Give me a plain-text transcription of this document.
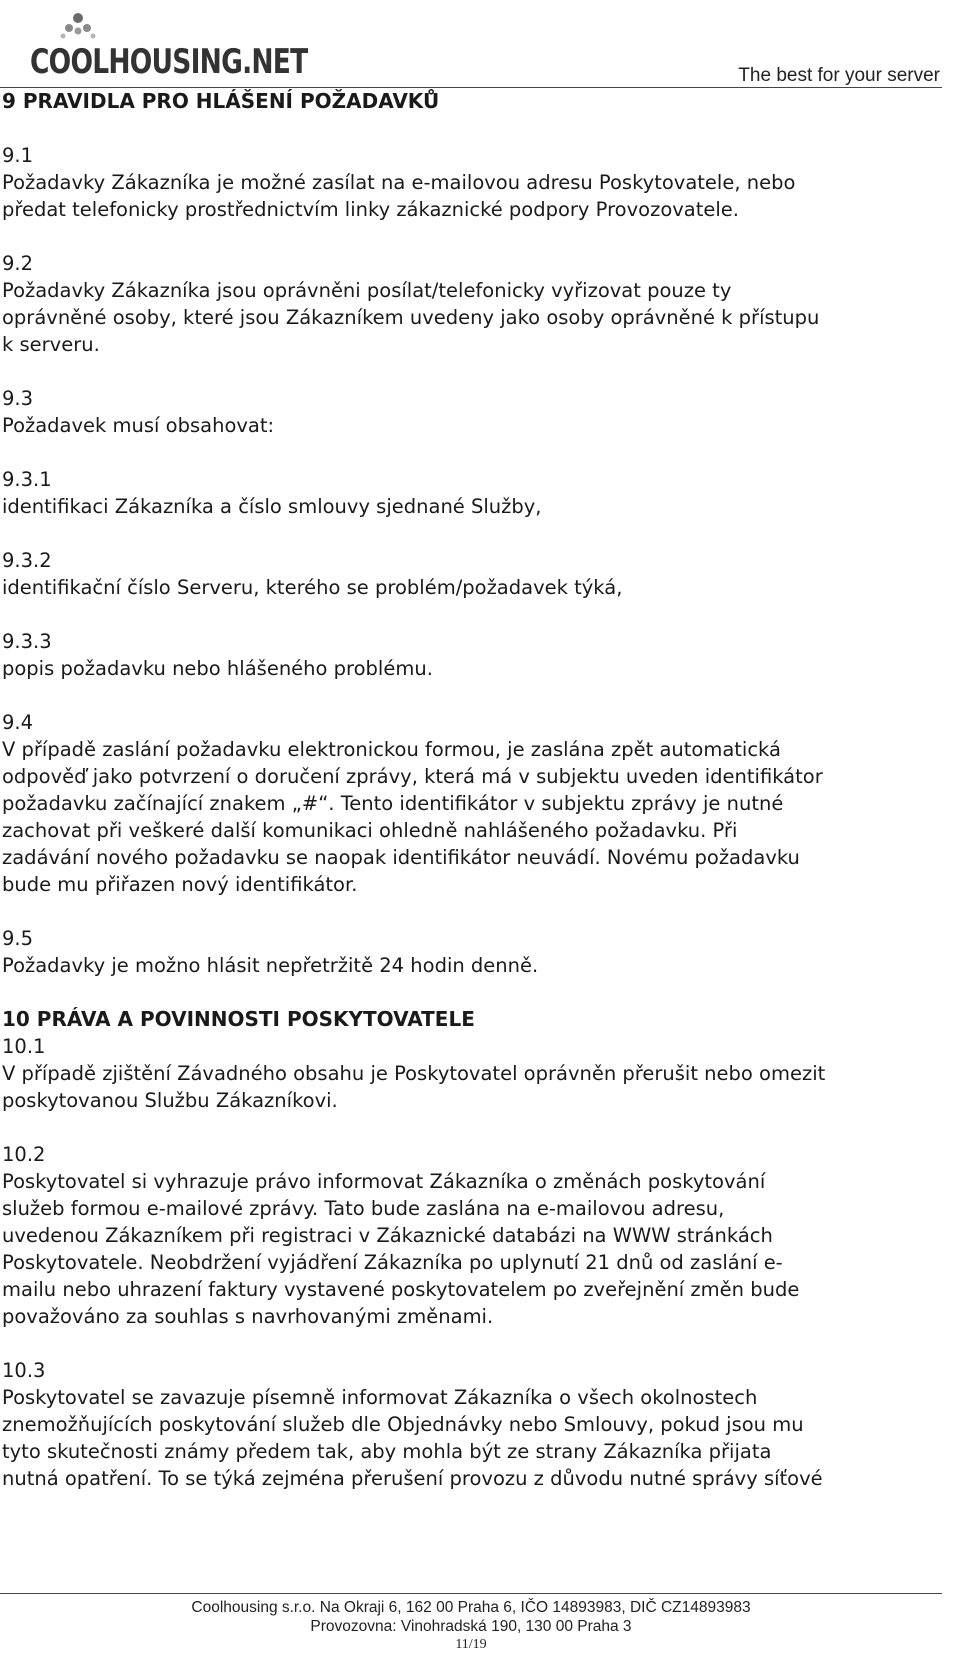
COOLHOUSING.NET	The best for your server

9 PRAVIDLA PRO HLÁŠENÍ POŽADAVKŮ

9.1

Požadavky Zákazníka je možné zasílat na e-mailovou adresu Poskytovatele, nebo
předat telefonicky prostřednictvím linky zákaznické podpory Provozovatele.

9.2

Požadavky Zákazníka jsou oprávněni posílat/telefonicky vyřizovat pouze ty
oprávněné osoby, které jsou Zákazníkem uvedeny jako osoby oprávněné k přístupu
k serveru.

9.3

Požadavek musí obsahovat:

9.3.1

identifikaci Zákazníka a číslo smlouvy sjednané Služby,

9.3.2

identifikační číslo Serveru, kterého se problém/požadavek týká,

9.3.3

popis požadavku nebo hlášeného problému.

9.4

V případě zaslání požadavku elektronickou formou, je zaslána zpět automatická
odpověď jako potvrzení o doručení zprávy, která má v subjektu uveden identifikátor
požadavku začínající znakem „#“. Tento identifikátor v subjektu zprávy je nutné
zachovat při veškeré další komunikaci ohledně nahlášeného požadavku. Při
zadávání nového požadavku se naopak identifikátor neuvádí. Novému požadavku
bude mu přiřazen nový identifikátor.

9.5

Požadavky je možno hlásit nepřetržitě 24 hodin denně.

10 PRÁVA A POVINNOSTI POSKYTOVATELE

10.1

V případě zjištění Závadného obsahu je Poskytovatel oprávněn přerušit nebo omezit
poskytovanou Službu Zákazníkovi.

10.2

Poskytovatel si vyhrazuje právo informovat Zákazníka o změnách poskytování
služeb formou e-mailové zprávy. Tato bude zaslána na e-mailovou adresu,
uvedenou Zákazníkem při registraci v Zákaznické databázi na WWW stránkách
Poskytovatele. Neobdržení vyjádření Zákazníka po uplynutí 21 dnů od zaslání e-
mailu nebo uhrazení faktury vystavené poskytovatelem po zveřejnění změn bude
považováno za souhlas s navrhovanými změnami.

10.3

Poskytovatel se zavazuje písemně informovat Zákazníka o všech okolnostech
znemožňujících poskytování služeb dle Objednávky nebo Smlouvy, pokud jsou mu
tyto skutečnosti známy předem tak, aby mohla být ze strany Zákazníka přijata
nutná opatření. To se týká zejména přerušení provozu z důvodu nutné správy síťové

Coolhousing s.r.o. Na Okraji 6, 162 00 Praha 6, IČO 14893983, DIČ CZ14893983
Provozovna: Vinohradská 190, 130 00 Praha 3
11/19
